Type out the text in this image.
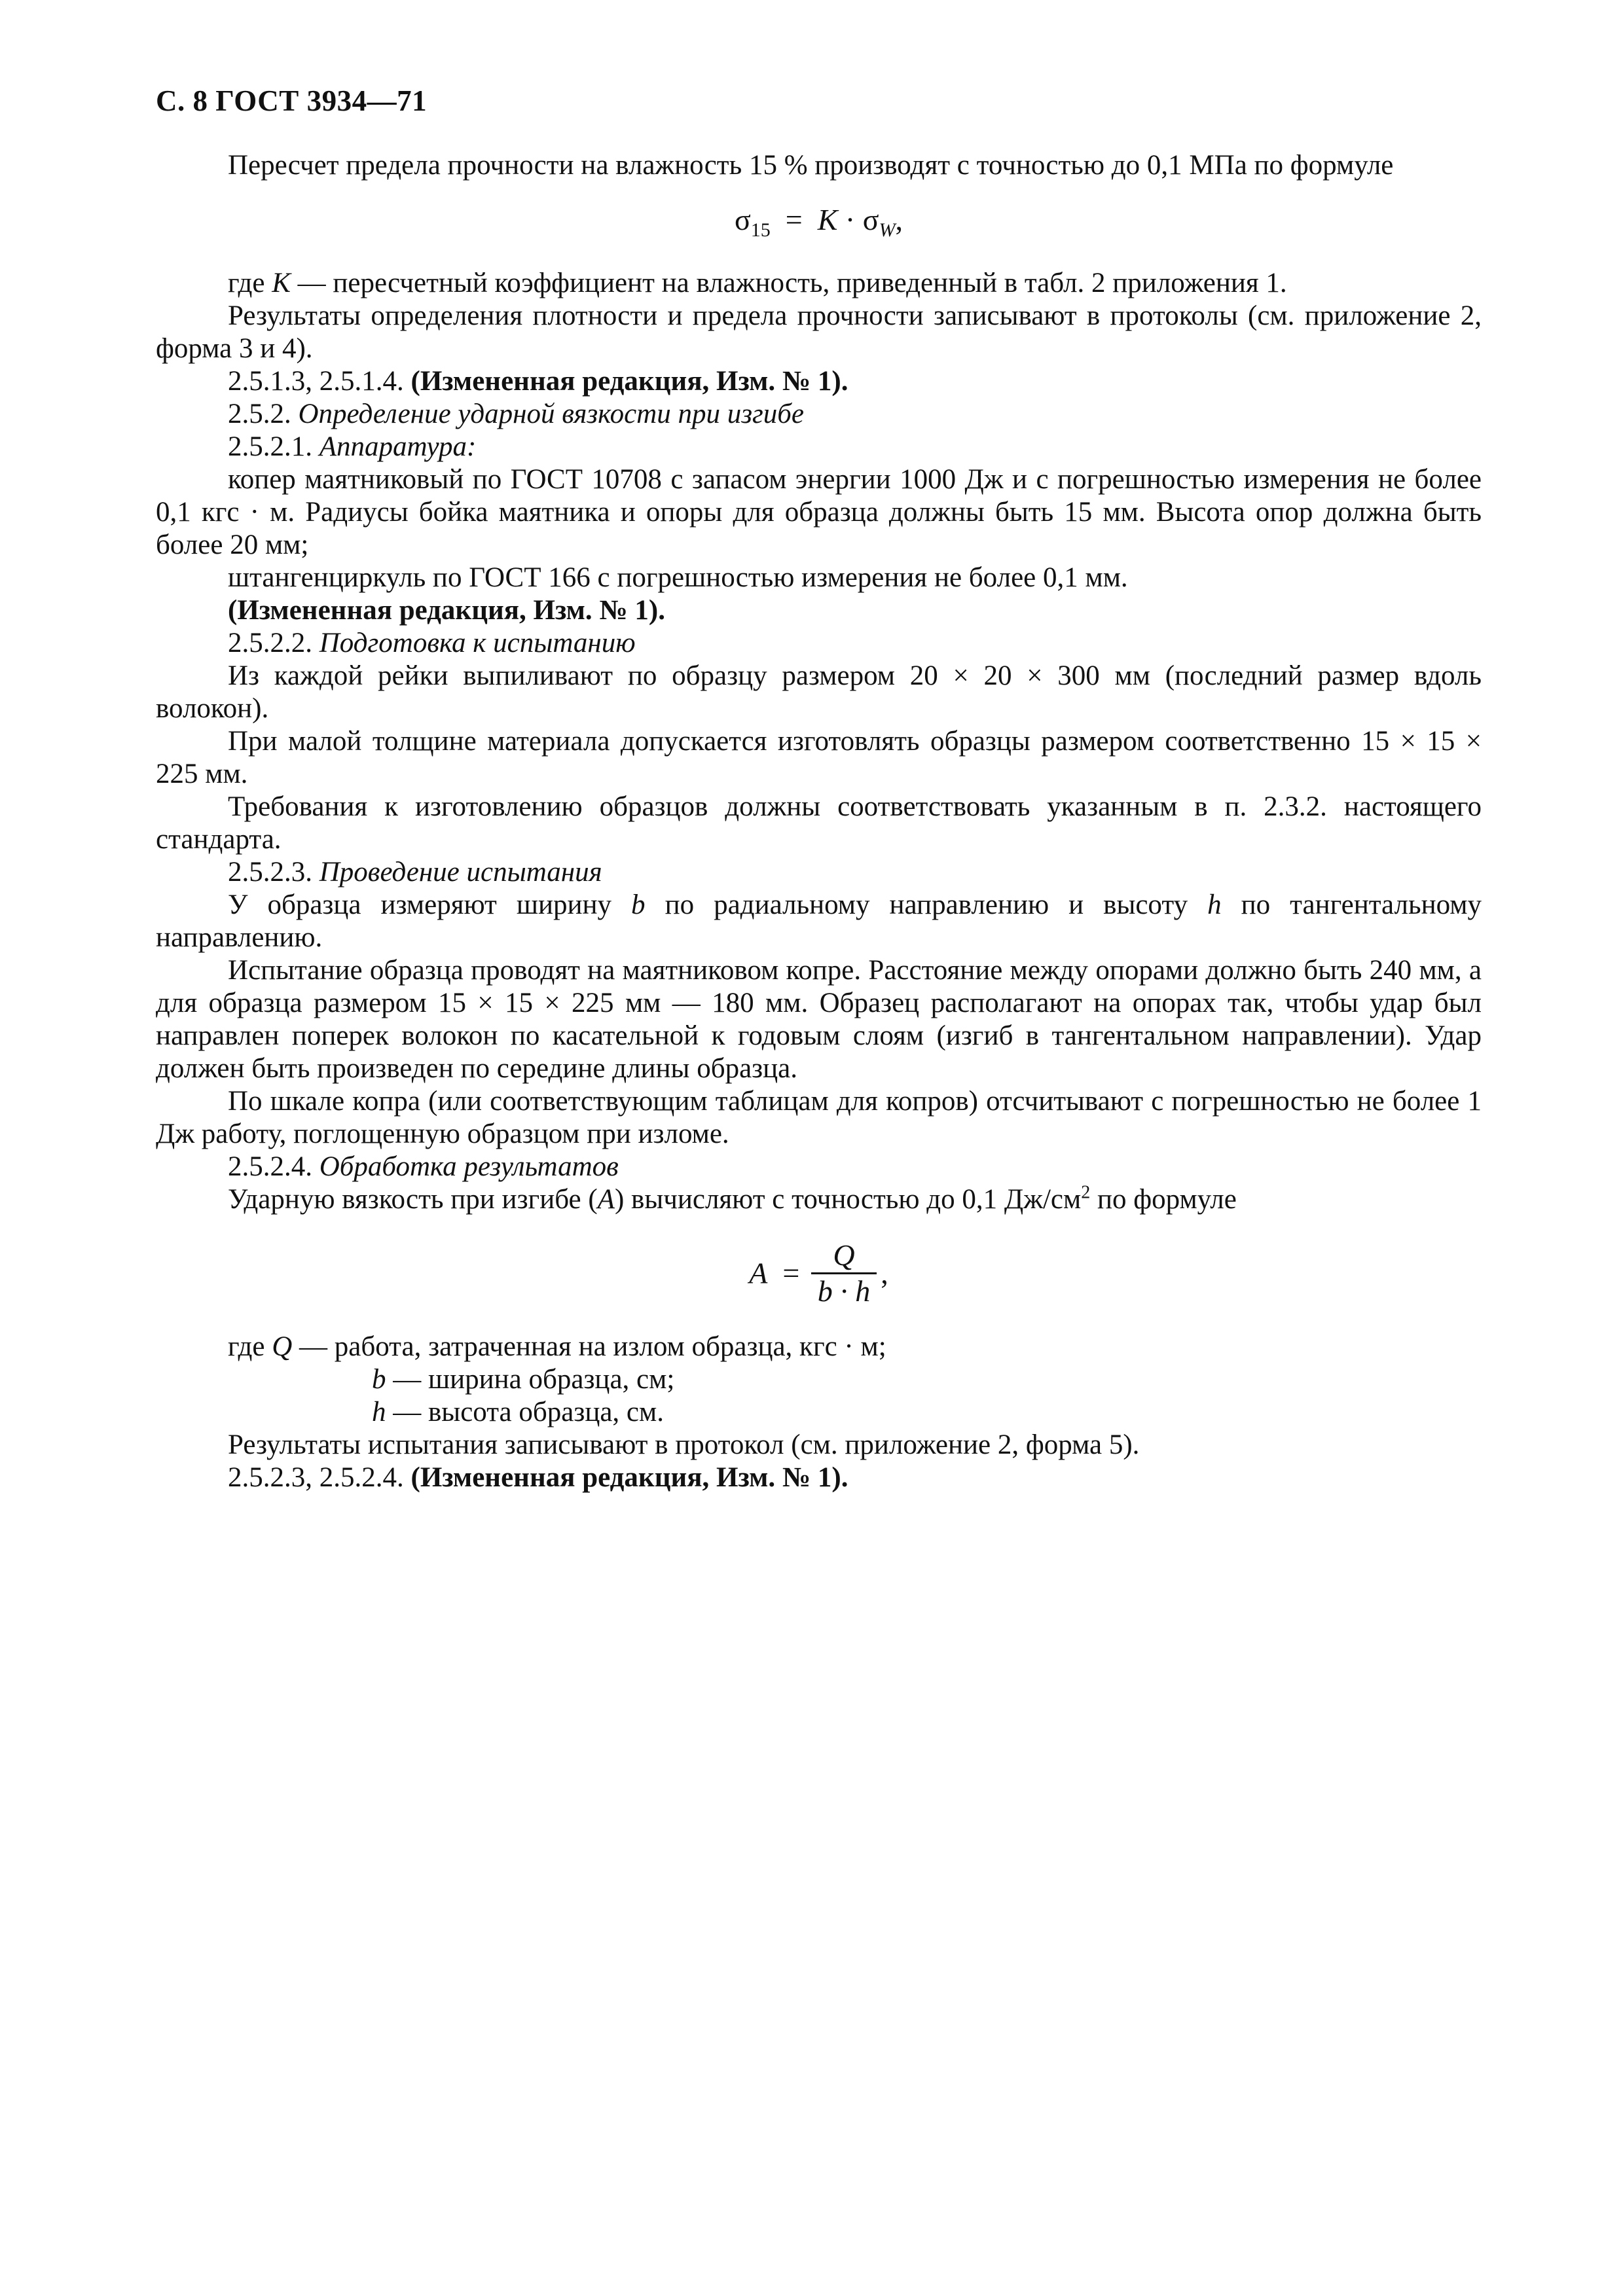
С. 8 ГОСТ 3934—71

Пересчет предела прочности на влажность 15 % производят с точностью до 0,1 МПа по формуле

$\sigma_{15} = K \cdot \sigma_W$,

где K — пересчетный коэффициент на влажность, приведенный в табл. 2 приложения 1.

Результаты определения плотности и предела прочности записывают в протоколы (см. приложение 2, форма 3 и 4).

2.5.1.3, 2.5.1.4. (Измененная редакция, Изм. № 1).

2.5.2. Определение ударной вязкости при изгибе

2.5.2.1. Аппаратура:

копер маятниковый по ГОСТ 10708 с запасом энергии 1000 Дж и с погрешностью измерения не более 0,1 кгс · м. Радиусы бойка маятника и опоры для образца должны быть 15 мм. Высота опор должна быть более 20 мм;

штангенциркуль по ГОСТ 166 с погрешностью измерения не более 0,1 мм.

(Измененная редакция, Изм. № 1).

2.5.2.2. Подготовка к испытанию

Из каждой рейки выпиливают по образцу размером 20 × 20 × 300 мм (последний размер вдоль волокон).

При малой толщине материала допускается изготовлять образцы размером соответственно 15 × 15 × 225 мм.

Требования к изготовлению образцов должны соответствовать указанным в п. 2.3.2. настоящего стандарта.

2.5.2.3. Проведение испытания

У образца измеряют ширину b по радиальному направлению и высоту h по тангентальному направлению.

Испытание образца проводят на маятниковом копре. Расстояние между опорами должно быть 240 мм, а для образца размером 15 × 15 × 225 мм — 180 мм. Образец располагают на опорах так, чтобы удар был направлен поперек волокон по касательной к годовым слоям (изгиб в тангентальном направлении). Удар должен быть произведен по середине длины образца.

По шкале копра (или соответствующим таблицам для копров) отсчитывают с погрешностью не более 1 Дж работу, поглощенную образцом при изломе.

2.5.2.4. Обработка результатов

Ударную вязкость при изгибе (A) вычисляют с точностью до 0,1 $Дж/см^2$ по формуле

$A = \frac{Q}{b \cdot h}$ ,
где Q — работа, затраченная на излом образца, кгс · м;
b — ширина образца, см;
h — высота образца, см.

Результаты испытания записывают в протокол (см. приложение 2, форма 5).

2.5.2.3, 2.5.2.4. (Измененная редакция, Изм. № 1).
